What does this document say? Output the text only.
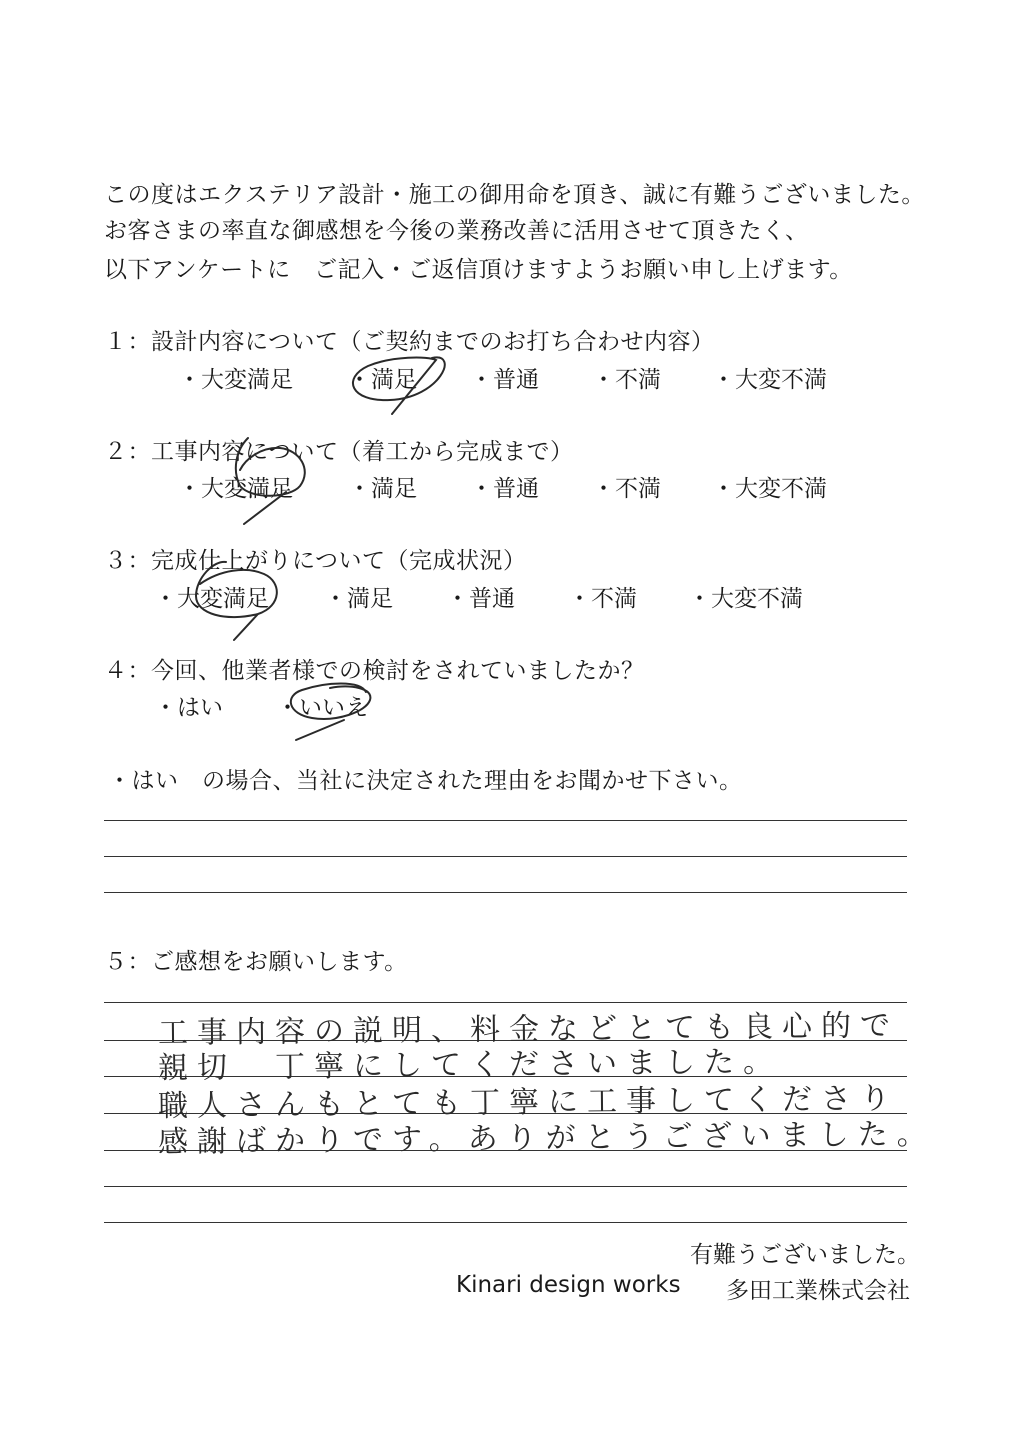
この度はエクステリア設計・施工の御用命を頂き、誠に有難うございました。
お客さまの率直な御感想を今後の業務改善に活用させて頂きたく、
以下アンケートに　ご記入・ご返信頂けますようお願い申し上げます。
１：設計内容について（ご契約までのお打ち合わせ内容）
・大変満足 ・満足 ・普通 ・不満 ・大変不満
２：工事内容について（着工から完成まで）
・大変満足 ・満足 ・普通 ・不満 ・大変不満
３：完成仕上がりについて（完成状況）
・大変満足 ・満足 ・普通 ・不満 ・大変不満
４：今回、他業者様での検討をされていましたか？
・はい ・いいえ
・はい　の場合、当社に決定された理由をお聞かせ下さい。
５：ご感想をお願いします。
工事内容の説明、料金などとても良心的で
親切　丁寧にしてくださいました。
職人さんもとても丁寧に工事してくださり
感謝ばかりです。ありがとうございました。
有難うございました。
Kinari design works 多田工業株式会社
